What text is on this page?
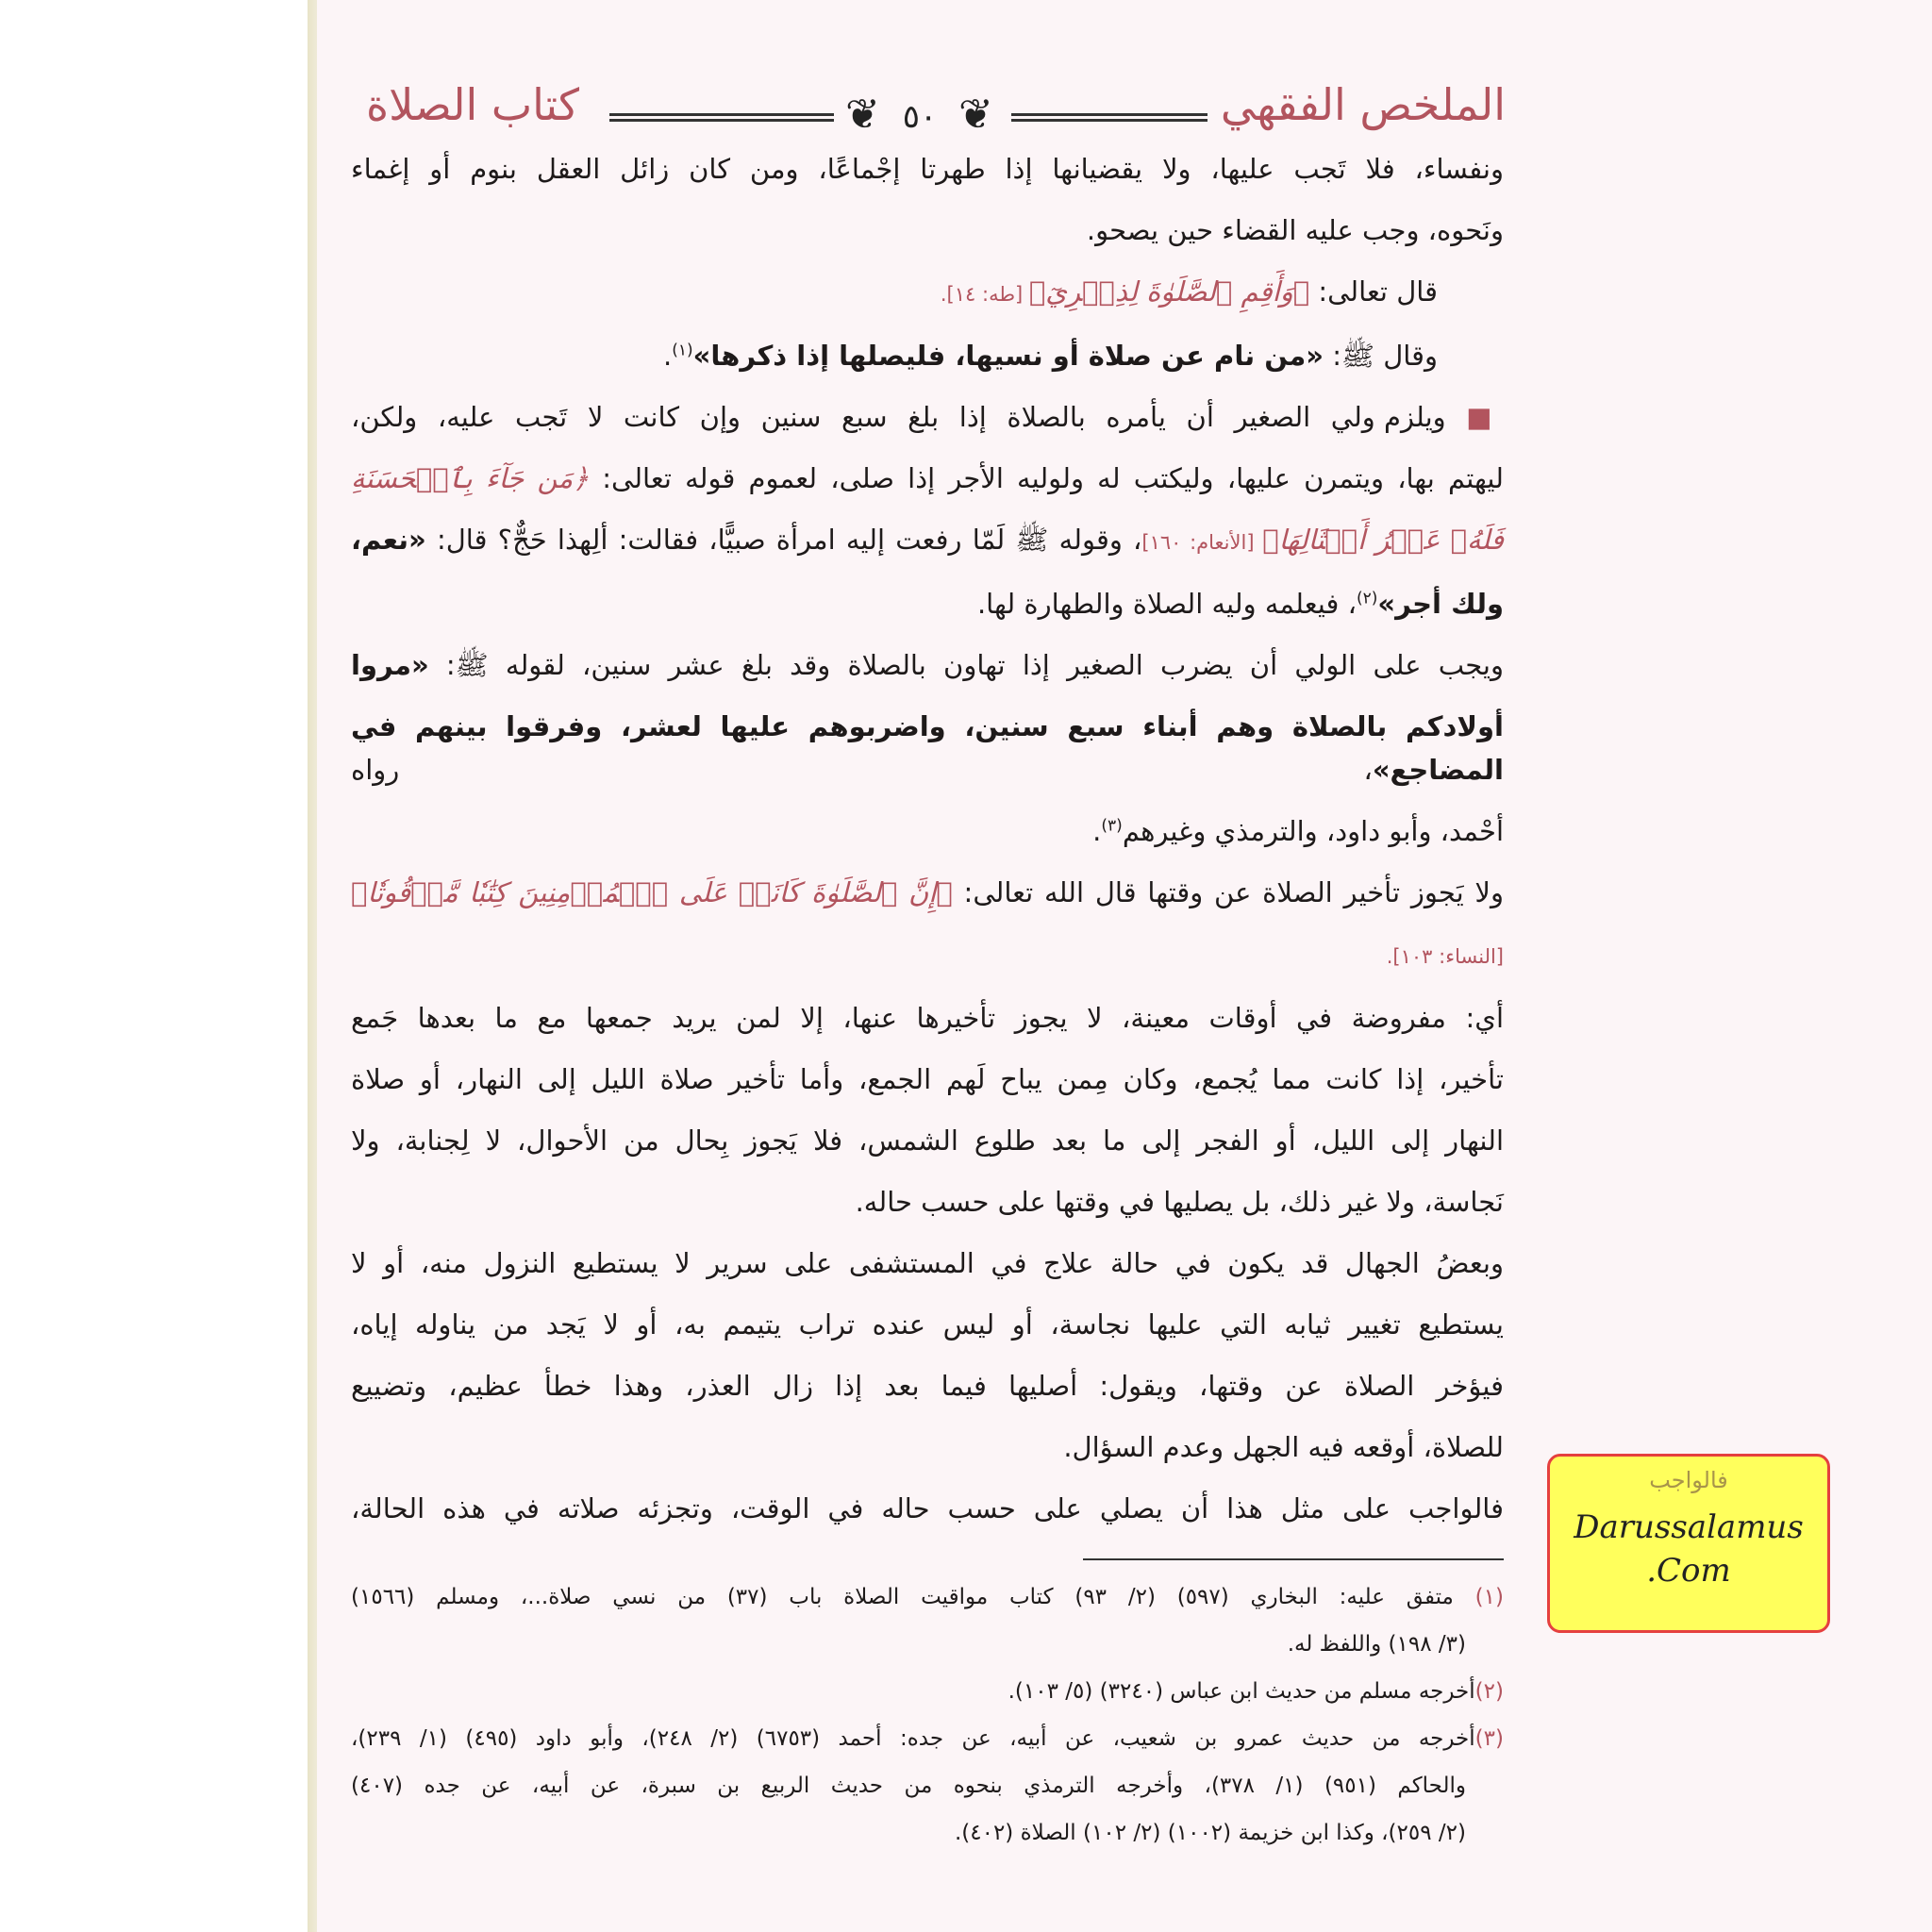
الملخص الفقهي
كتاب الصلاة	❦ ❦
٥٠
ونفساء، فلا تَجب عليها، ولا يقضيانها إذا طهرتا إجْماعًا، ومن كان زائل العقل بنوم أو إغماء
ونَحوه، وجب عليه القضاء حين يصحو.
قال تعالى: ﴿وَأَقِمِ ٱلصَّلَوٰةَ لِذِكۡرِيٓ﴾ [طه: ١٤].
وقال ﷺ: «من نام عن صلاة أو نسيها، فليصلها إذا ذكرها»$^{(١)}$.
■ ويلزم ولي الصغير أن يأمره بالصلاة إذا بلغ سبع سنين وإن كانت لا تَجب عليه، ولكن،
ليهتم بها، ويتمرن عليها، وليكتب له ولوليه الأجر إذا صلى، لعموم قوله تعالى: ﴿مَن جَآءَ بِٱلۡحَسَنَةِ
فَلَهُۥ عَشۡرُ أَمۡثَالِهَا﴾ [الأنعام: ١٦٠]، وقوله ﷺ لَمّا رفعت إليه امرأة صبيًّا، فقالت: ألِهذا حَجٌّ؟ قال: «نعم،
ولك أجر»$^{(٢)}$، فيعلمه وليه الصلاة والطهارة لها.
ويجب على الولي أن يضرب الصغير إذا تهاون بالصلاة وقد بلغ عشر سنين، لقوله ﷺ: «مروا
أولادكم بالصلاة وهم أبناء سبع سنين، واضربوهم عليها لعشر، وفرقوا بينهم في المضاجع»، رواه
أحْمد، وأبو داود، والترمذي وغيرهم$^{(٣)}$.
ولا يَجوز تأخير الصلاة عن وقتها قال الله تعالى: ﴿إِنَّ ٱلصَّلَوٰةَ كَانَتۡ عَلَى ٱلۡمُؤۡمِنِينَ كِتَٰبٗا مَّوۡقُوتٗا﴾
[النساء: ١٠٣].
أي: مفروضة في أوقات معينة، لا يجوز تأخيرها عنها، إلا لمن يريد جمعها مع ما بعدها جَمع
تأخير، إذا كانت مما يُجمع، وكان مِمن يباح لَهم الجمع، وأما تأخير صلاة الليل إلى النهار، أو صلاة
النهار إلى الليل، أو الفجر إلى ما بعد طلوع الشمس، فلا يَجوز بِحال من الأحوال، لا لِجنابة، ولا
نَجاسة، ولا غير ذلك، بل يصليها في وقتها على حسب حاله.
وبعضُ الجهال قد يكون في حالة علاج في المستشفى على سرير لا يستطيع النزول منه، أو لا
يستطيع تغيير ثيابه التي عليها نجاسة، أو ليس عنده تراب يتيمم به، أو لا يَجد من يناوله إياه،
فيؤخر الصلاة عن وقتها، ويقول: أصليها فيما بعد إذا زال العذر، وهذا خطأ عظيم، وتضييع
للصلاة، أوقعه فيه الجهل وعدم السؤال.
فالواجب على مثل هذا أن يصلي على حسب حاله في الوقت، وتجزئه صلاته في هذه الحالة،
(١) متفق عليه: البخاري (٥٩٧) (٢/ ٩٣) كتاب مواقيت الصلاة باب (٣٧) من نسي صلاة...، ومسلم (١٥٦٦)
(٣/ ١٩٨) واللفظ له.
(٢)أخرجه مسلم من حديث ابن عباس (٣٢٤٠) (٥/ ١٠٣).
(٣)أخرجه من حديث عمرو بن شعيب، عن أبيه، عن جده: أحمد (٦٧٥٣) (٢/ ٢٤٨)، وأبو داود (٤٩٥) (١/ ٢٣٩)،
والحاكم (٩٥١) (١/ ٣٧٨)، وأخرجه الترمذي بنحوه من حديث الربيع بن سبرة، عن أبيه، عن جده (٤٠٧)
(٢/ ٢٥٩)، وكذا ابن خزيمة (١٠٠٢) (٢/ ١٠٢) الصلاة (٤٠٢).
فالواجب
Darussalamus
.Com
